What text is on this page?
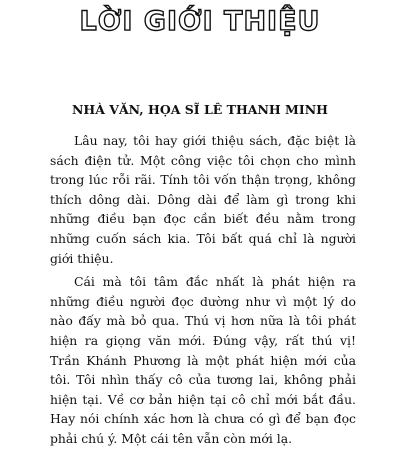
LỜI GIỚI THIỆU
NHÀ VĂN, HỌA SĨ LÊ THANH MINH

Lâu nay, tôi hay giới thiệu sách, đặc biệt là sách điện tử. Một công việc tôi chọn cho mình trong lúc rỗi rãi. Tính tôi vốn thận trọng, không thích dông dài. Dông dài để làm gì trong khi những điều bạn đọc cần biết đều nằm trong những cuốn sách kia. Tôi bất quá chỉ là người giới thiệu.

Cái mà tôi tâm đắc nhất là phát hiện ra những điều người đọc dường như vì một lý do nào đấy mà bỏ qua. Thú vị hơn nữa là tôi phát hiện ra giọng văn mới. Đúng vậy, rất thú vị! Trần Khánh Phương là một phát hiện mới của tôi. Tôi nhìn thấy cô của tương lai, không phải hiện tại. Về cơ bản hiện tại cô chỉ mới bắt đầu. Hay nói chính xác hơn là chưa có gì để bạn đọc phải chú ý. Một cái tên vẫn còn mới lạ.
